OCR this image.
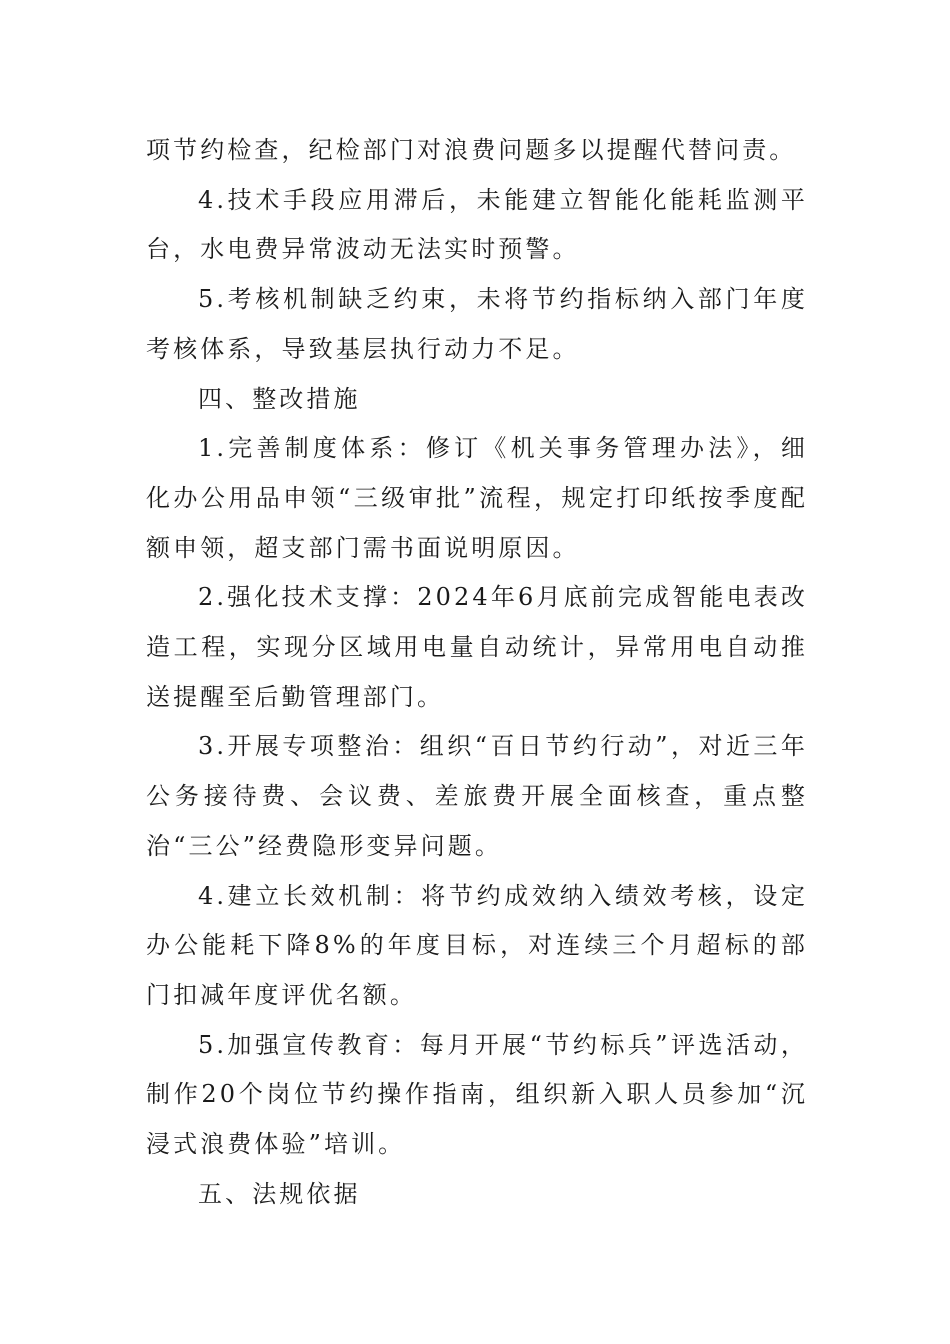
项节约检查，纪检部门对浪费问题多以提醒代替问责。

4.技术手段应用滞后，未能建立智能化能耗监测平台，水电费异常波动无法实时预警。

5.考核机制缺乏约束，未将节约指标纳入部门年度考核体系，导致基层执行动力不足。

四、整改措施

1.完善制度体系：修订《机关事务管理办法》，细化办公用品申领“三级审批”流程，规定打印纸按季度配额申领，超支部门需书面说明原因。

2.强化技术支撑：2024年6月底前完成智能电表改造工程，实现分区域用电量自动统计，异常用电自动推送提醒至后勤管理部门。

3.开展专项整治：组织“百日节约行动”，对近三年公务接待费、会议费、差旅费开展全面核查，重点整治“三公”经费隐形变异问题。

4.建立长效机制：将节约成效纳入绩效考核，设定办公能耗下降8%的年度目标，对连续三个月超标的部门扣减年度评优名额。

5.加强宣传教育：每月开展“节约标兵”评选活动，制作20个岗位节约操作指南，组织新入职人员参加“沉浸式浪费体验”培训。

五、法规依据
